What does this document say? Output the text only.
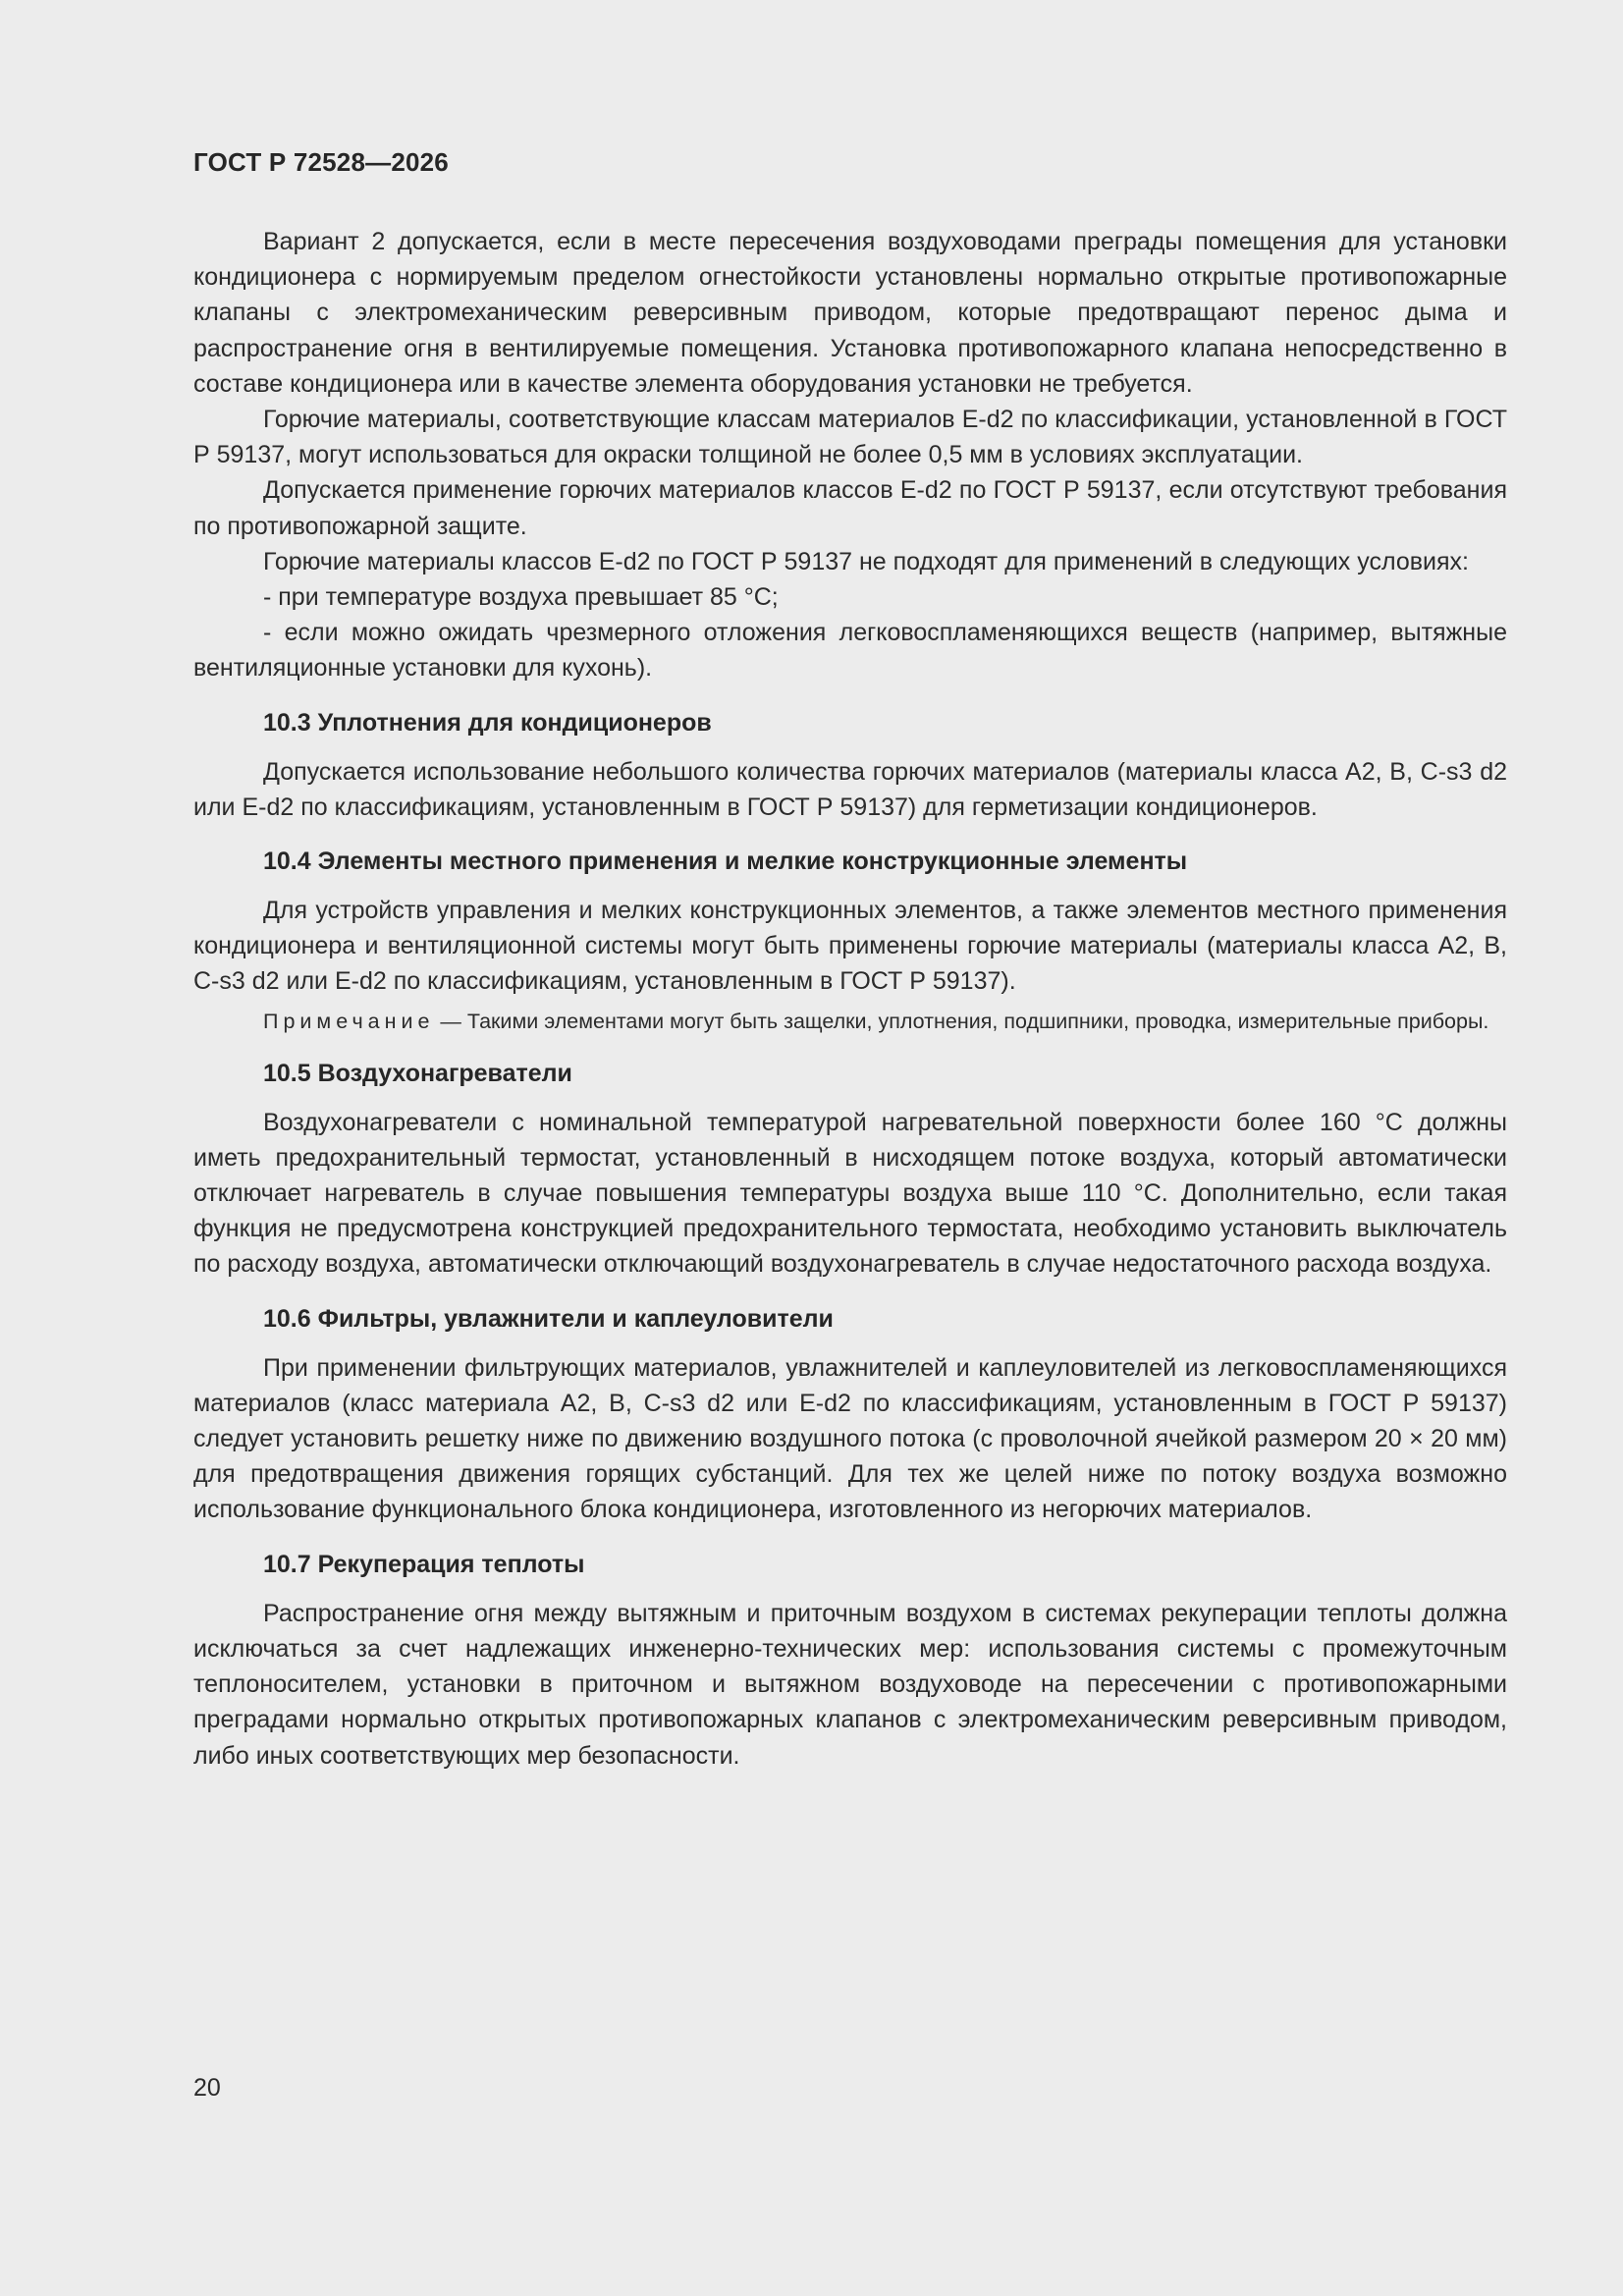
ГОСТ Р 72528—2026

Вариант 2 допускается, если в месте пересечения воздуховодами преграды помещения для установки кондиционера с нормируемым пределом огнестойкости установлены нормально открытые противопожарные клапаны с электромеханическим реверсивным приводом, которые предотвращают перенос дыма и распространение огня в вентилируемые помещения. Установка противопожарного клапана непосредственно в составе кондиционера или в качестве элемента оборудования установки не требуется.

Горючие материалы, соответствующие классам материалов E-d2 по классификации, установленной в ГОСТ Р 59137, могут использоваться для окраски толщиной не более 0,5 мм в условиях эксплуатации.

Допускается применение горючих материалов классов E-d2 по ГОСТ Р 59137, если отсутствуют требования по противопожарной защите.

Горючие материалы классов E-d2 по ГОСТ Р 59137 не подходят для применений в следующих условиях:

- при температуре воздуха превышает 85 °С;

- если можно ожидать чрезмерного отложения легковоспламеняющихся веществ (например, вытяжные вентиляционные установки для кухонь).

10.3 Уплотнения для кондиционеров

Допускается использование небольшого количества горючих материалов (материалы класса А2, B, C-s3 d2 или E-d2 по классификациям, установленным в ГОСТ Р 59137) для герметизации кондиционеров.

10.4 Элементы местного применения и мелкие конструкционные элементы

Для устройств управления и мелких конструкционных элементов, а также элементов местного применения кондиционера и вентиляционной системы могут быть применены горючие материалы (материалы класса А2, B, C-s3 d2 или E-d2 по классификациям, установленным в ГОСТ Р 59137).

Примечание — Такими элементами могут быть защелки, уплотнения, подшипники, проводка, измерительные приборы.

10.5 Воздухонагреватели

Воздухонагреватели с номинальной температурой нагревательной поверхности более 160 °С должны иметь предохранительный термостат, установленный в нисходящем потоке воздуха, который автоматически отключает нагреватель в случае повышения температуры воздуха выше 110 °С. Дополнительно, если такая функция не предусмотрена конструкцией предохранительного термостата, необходимо установить выключатель по расходу воздуха, автоматически отключающий воздухонагреватель в случае недостаточного расхода воздуха.

10.6 Фильтры, увлажнители и каплеуловители

При применении фильтрующих материалов, увлажнителей и каплеуловителей из легковоспламеняющихся материалов (класс материала А2, B, C-s3 d2 или E-d2 по классификациям, установленным в ГОСТ Р 59137) следует установить решетку ниже по движению воздушного потока (с проволочной ячейкой размером 20 × 20 мм) для предотвращения движения горящих субстанций. Для тех же целей ниже по потоку воздуха возможно использование функционального блока кондиционера, изготовленного из негорючих материалов.

10.7 Рекуперация теплоты

Распространение огня между вытяжным и приточным воздухом в системах рекуперации теплоты должна исключаться за счет надлежащих инженерно-технических мер: использования системы с промежуточным теплоносителем, установки в приточном и вытяжном воздуховоде на пересечении с противопожарными преградами нормально открытых противопожарных клапанов с электромеханическим реверсивным приводом, либо иных соответствующих мер безопасности.

20
